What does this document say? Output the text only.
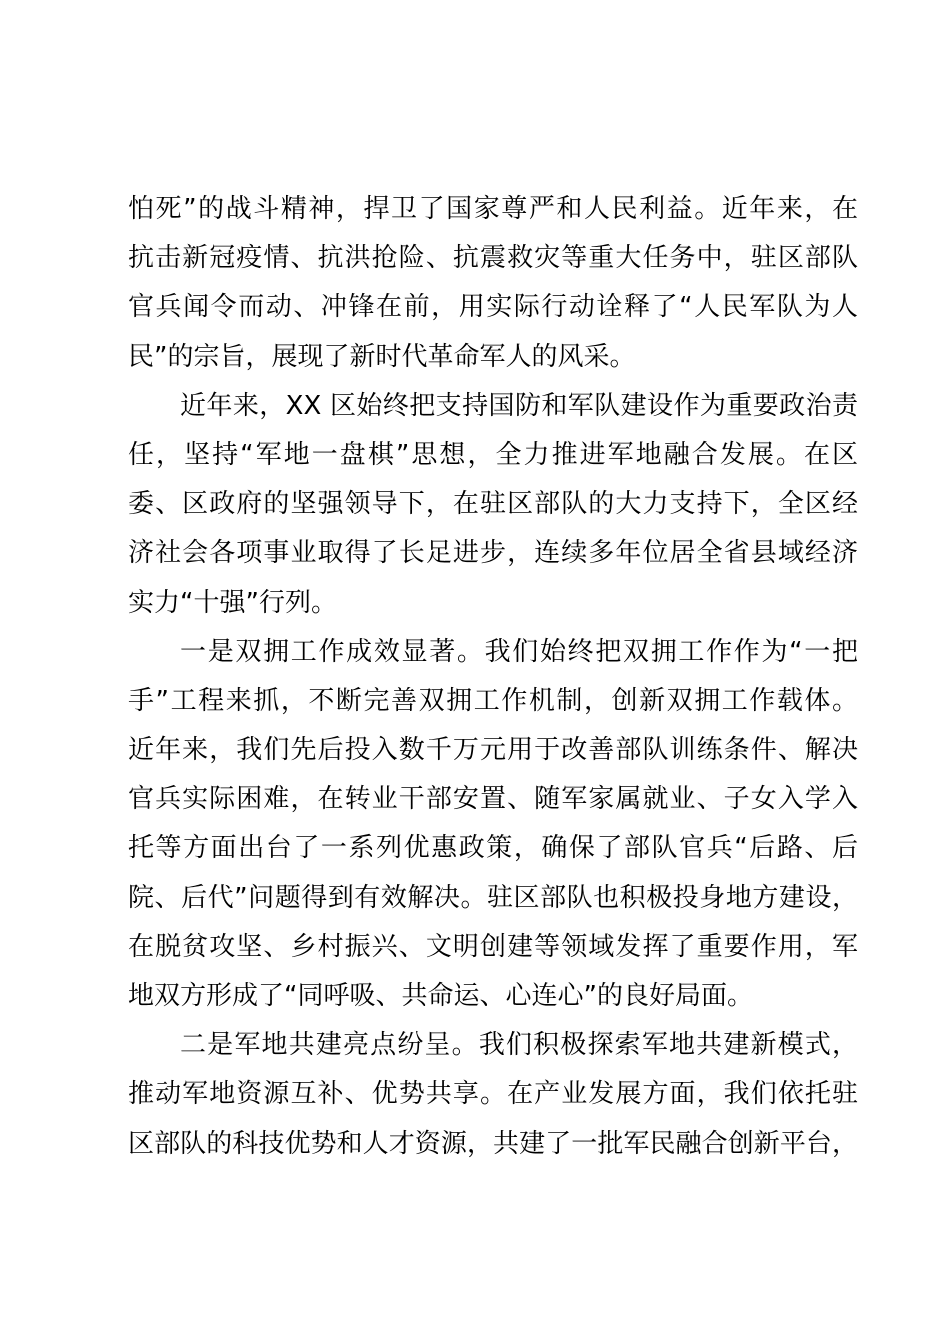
怕死”的战斗精神，捍卫了国家尊严和人民利益。近年来，在
抗击新冠疫情、抗洪抢险、抗震救灾等重大任务中，驻区部队
官兵闻令而动、冲锋在前，用实际行动诠释了“人民军队为人
民”的宗旨，展现了新时代革命军人的风采。
近年来，XX 区始终把支持国防和军队建设作为重要政治责
任，坚持“军地一盘棋”思想，全力推进军地融合发展。在区
委、区政府的坚强领导下，在驻区部队的大力支持下，全区经
济社会各项事业取得了长足进步，连续多年位居全省县域经济
实力“十强”行列。
一是双拥工作成效显著。我们始终把双拥工作作为“一把
手”工程来抓，不断完善双拥工作机制，创新双拥工作载体。
近年来，我们先后投入数千万元用于改善部队训练条件、解决
官兵实际困难，在转业干部安置、随军家属就业、子女入学入
托等方面出台了一系列优惠政策，确保了部队官兵“后路、后
院、后代”问题得到有效解决。驻区部队也积极投身地方建设，
在脱贫攻坚、乡村振兴、文明创建等领域发挥了重要作用，军
地双方形成了“同呼吸、共命运、心连心”的良好局面。
二是军地共建亮点纷呈。我们积极探索军地共建新模式，
推动军地资源互补、优势共享。在产业发展方面，我们依托驻
区部队的科技优势和人才资源，共建了一批军民融合创新平台，
